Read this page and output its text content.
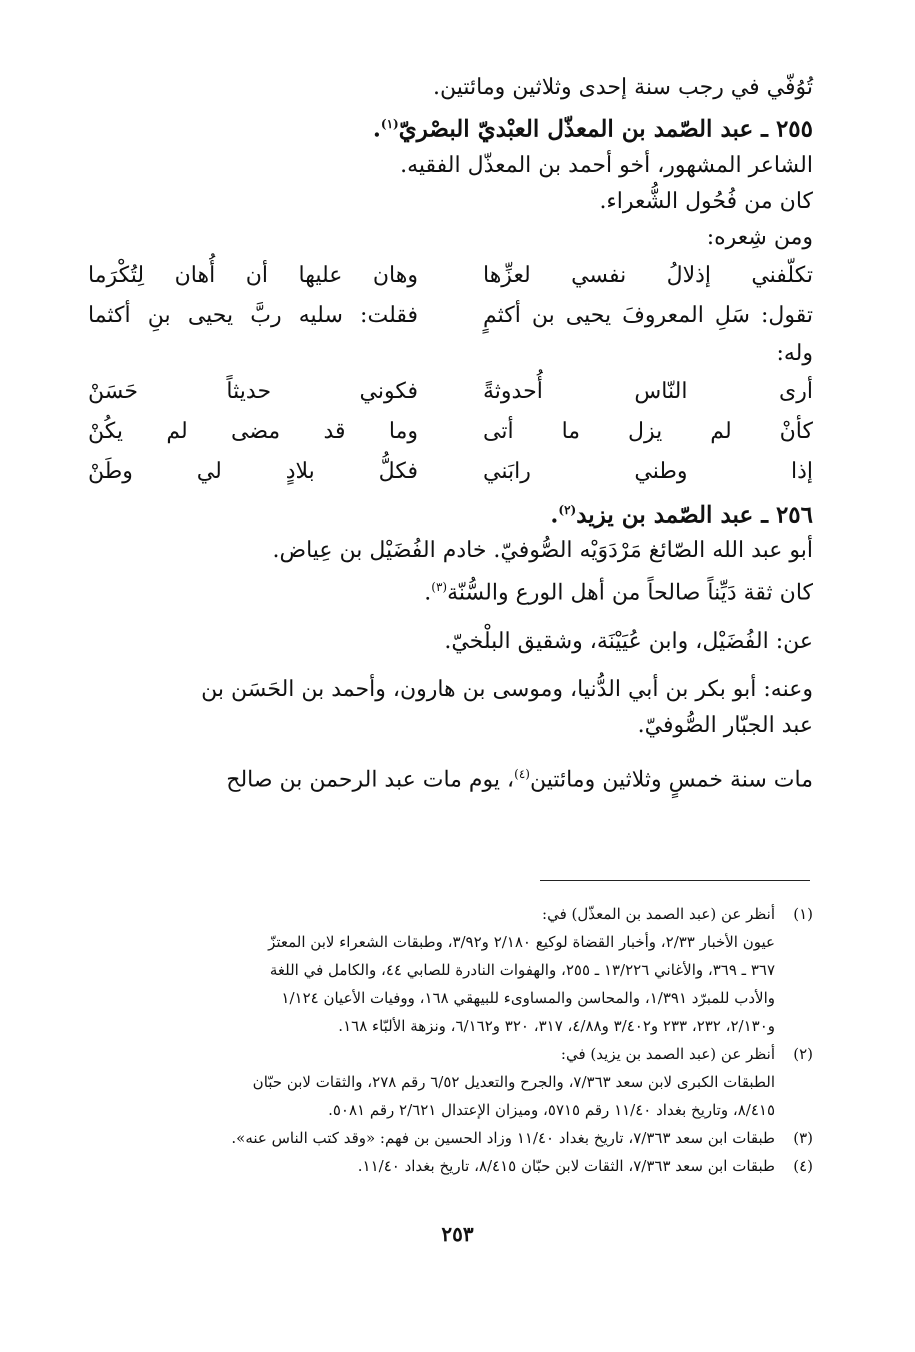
تُوُفّي في رجب سنة إحدى وثلاثين ومائتين.
٢٥٥ ـ عبد الصّمد بن المعذّل العبْديّ البصْريّ$^{(١)}$.
الشاعر المشهور، أخو أحمد بن المعذّل الفقيه.
كان من فُحُول الشُّعراء.
ومن شِعره:
تكلّفني إذلالُ نفسي لعزِّها
وهان عليها أن أُهان لِتُكْرَما
تقول: سَلِ المعروفَ يحيى بن أكثمٍ
فقلت: سليه ربَّ يحيى بنِ أكثما
وله:
أرى النّاس أُحدوثةً
فكوني حديثاً حَسَنْ
كأنْ لم يزل ما أتى
وما قد مضى لم يكُنْ
إذا وطني رابَني
فكلُّ بلادٍ لي وطَنْ
٢٥٦ ـ عبد الصّمد بن يزيد$^{(٢)}$.
أبو عبد الله الصّائغ مَرْدَوَيْه الصُّوفيّ. خادم الفُضَيْل بن عِياض.
كان ثقة دَيِّناً صالحاً من أهل الورع والسُّنّة$^{(٣)}$.
عن: الفُضَيْل، وابن عُيَيْنَة، وشقيق البلْخيّ.
وعنه: أبو بكر بن أبي الدُّنيا، وموسى بن هارون، وأحمد بن الحَسَن بن
عبد الجبّار الصُّوفيّ.
مات سنة خمسٍ وثلاثين ومائتين$^{(٤)}$، يوم مات عبد الرحمن بن صالح
(١)أنظر عن (عبد الصمد بن المعذّل) في:
عيون الأخبار ٢/٣٣، وأخبار القضاة لوكيع ٢/١٨٠ و٣/٩٢، وطبقات الشعراء لابن المعتزّ
٣٦٧ ـ ٣٦٩، والأغاني ١٣/٢٢٦ ـ ٢٥٥، والهفوات النادرة للصابي ٤٤، والكامل في اللغة
والأدب للمبرّد ١/٣٩١، والمحاسن والمساوىء للبيهقي ١٦٨، ووفيات الأعيان ١/١٢٤
و٢/١٣٠، ٢٣٢، ٢٣٣ و٣/٤٠٢ و٤/٨٨، ٣١٧، ٣٢٠ و٦/١٦٢، ونزهة الألبّاء ١٦٨.
(٢)أنظر عن (عبد الصمد بن يزيد) في:
الطبقات الكبرى لابن سعد ٧/٣٦٣، والجرح والتعديل ٦/٥٢ رقم ٢٧٨، والثقات لابن حبّان
٨/٤١٥، وتاريخ بغداد ١١/٤٠ رقم ٥٧١٥، وميزان الإعتدال ٢/٦٢١ رقم ٥٠٨١.
(٣)طبقات ابن سعد ٧/٣٦٣، تاريخ بغداد ١١/٤٠ وزاد الحسين بن فهم: «وقد كتب الناس عنه».
(٤)طبقات ابن سعد ٧/٣٦٣، الثقات لابن حبّان ٨/٤١٥، تاريخ بغداد ١١/٤٠.
٢٥٣
